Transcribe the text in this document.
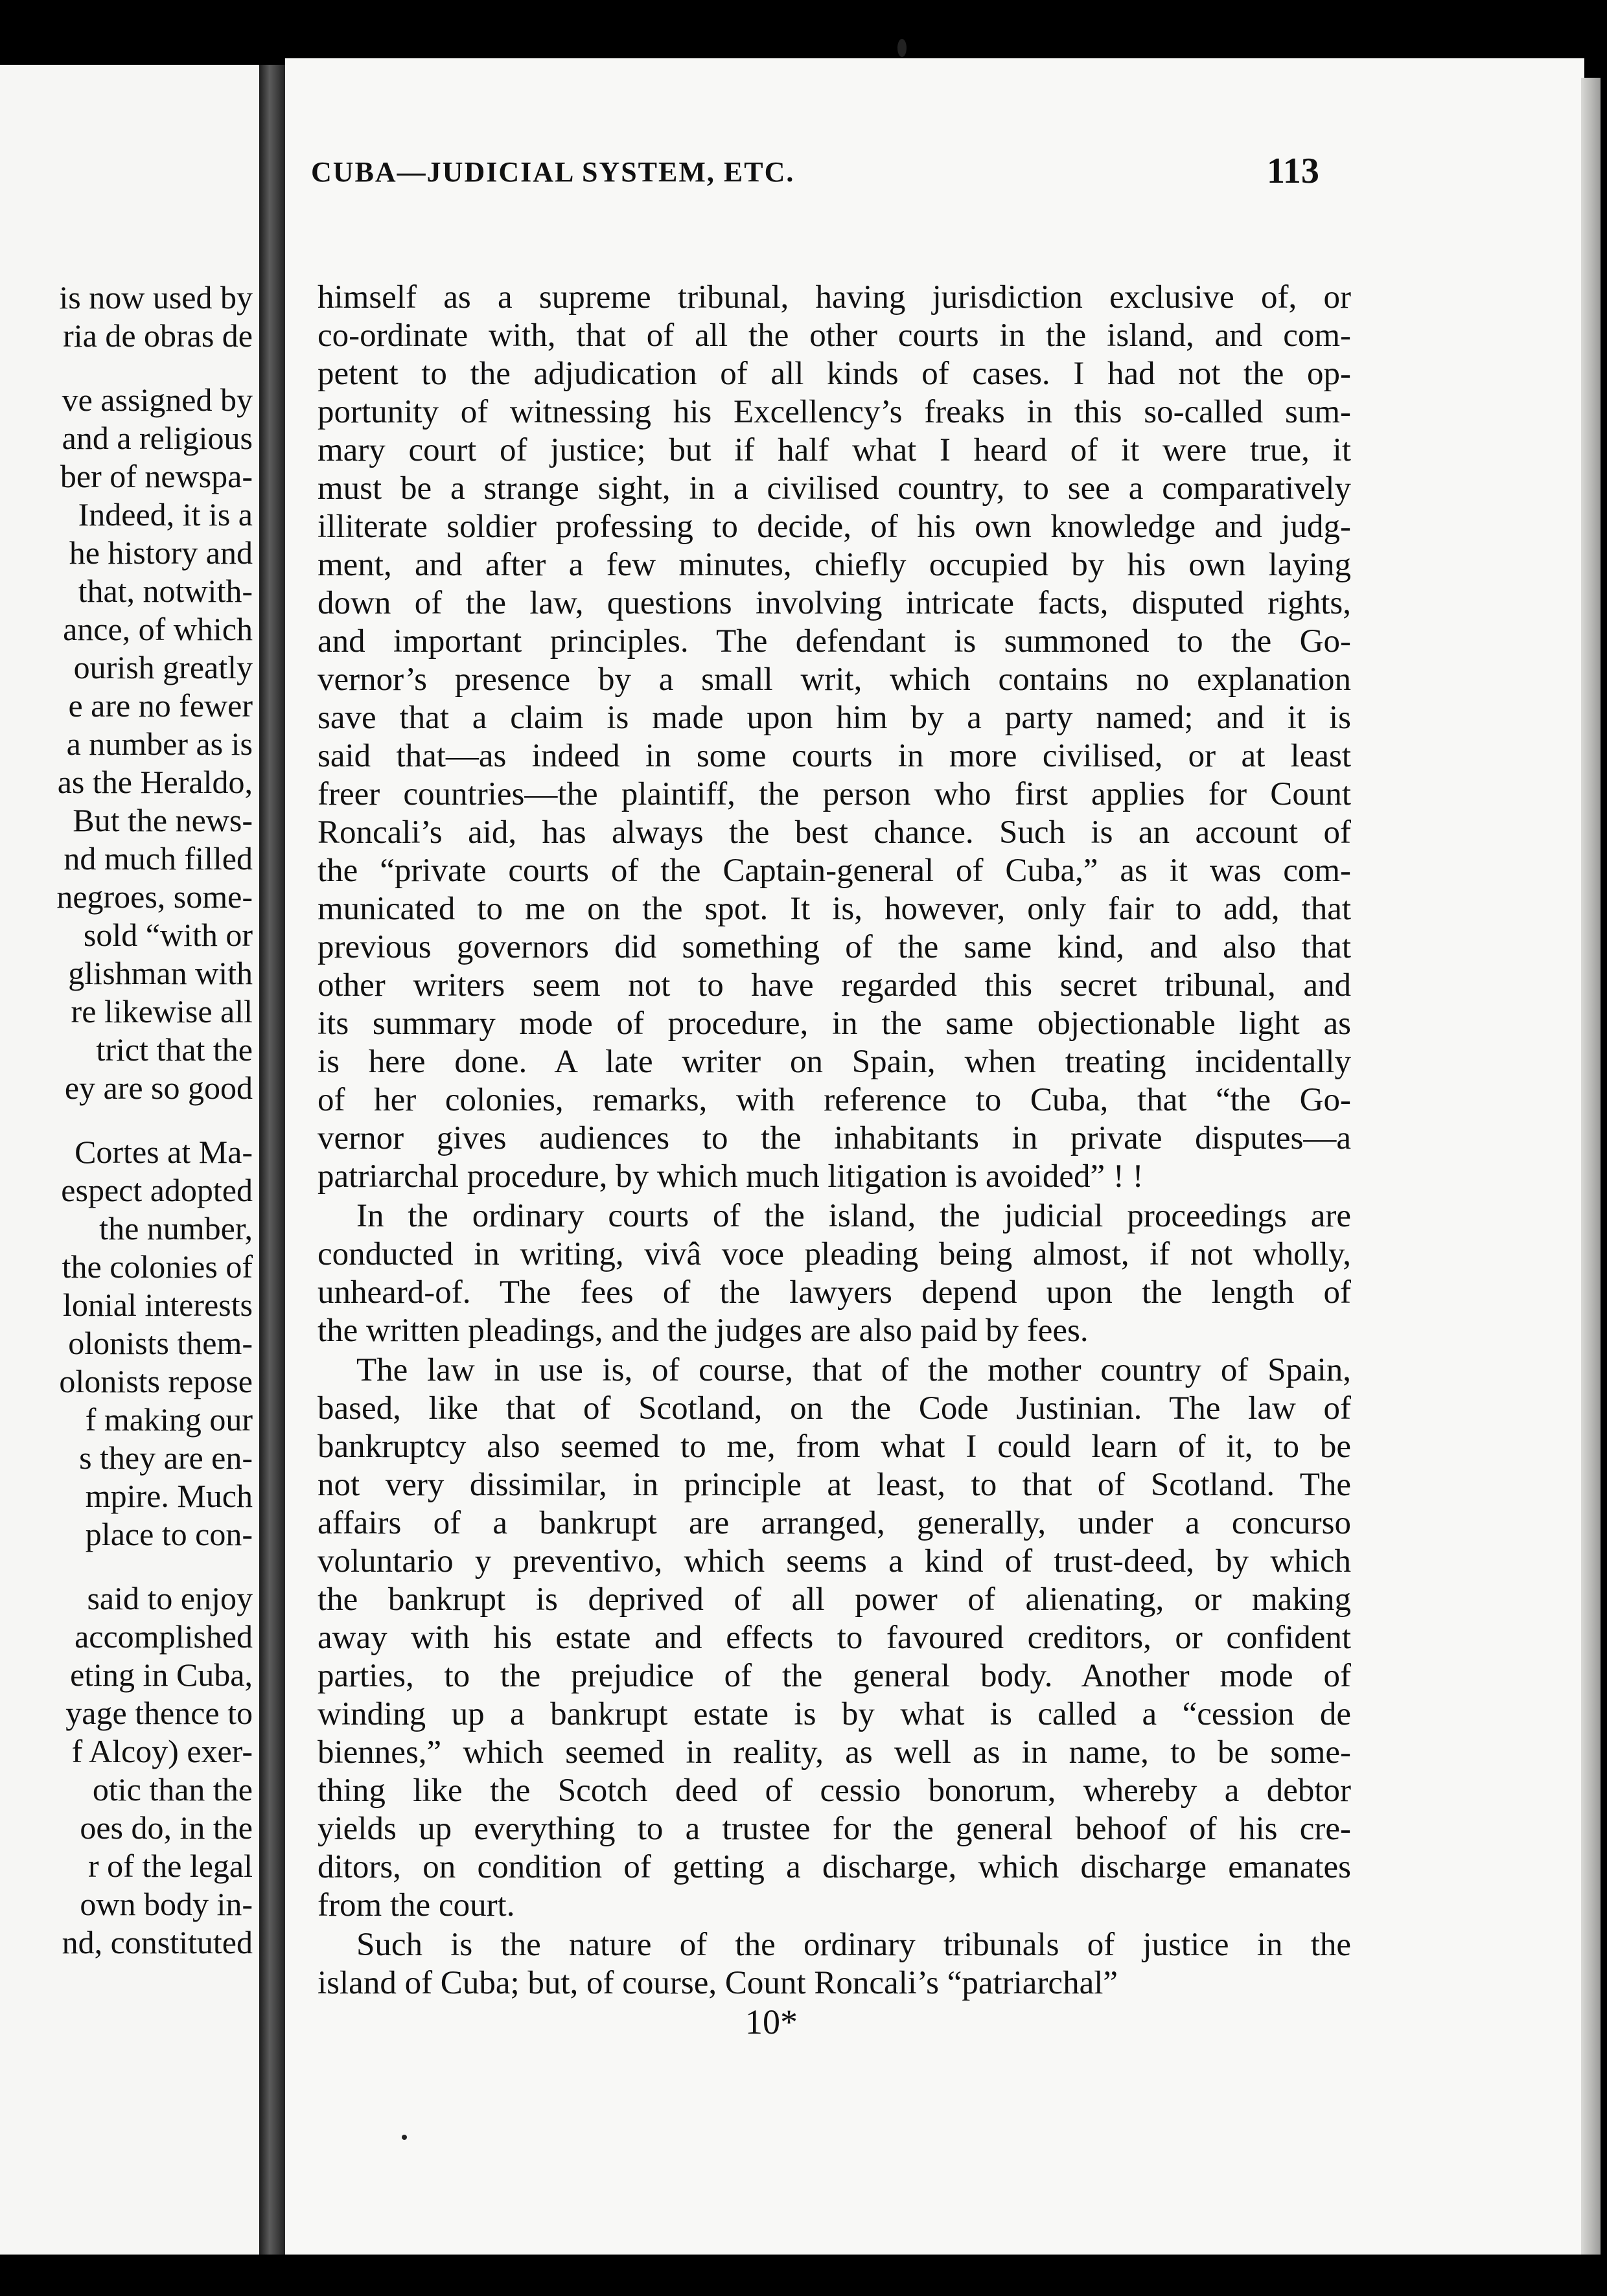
is now used by
ria de obras de
ve assigned by
and a religious
ber of newspa-
Indeed, it is a
he history and
that, notwith-
ance, of which
ourish greatly
e are no fewer
a number as is
as the Heraldo,
But the news-
nd much filled
negroes, some-
sold “with or
glishman with
re likewise all
trict that the
ey are so good
Cortes at Ma-
espect adopted
the number,
the colonies of
lonial interests
olonists them-
olonists repose
f making our
s they are en-
mpire. Much
place to con-
said to enjoy
accomplished
eting in Cuba,
yage thence to
f Alcoy) exer-
otic than the
oes do, in the
r of the legal
own body in-
nd, constituted
CUBA—JUDICIAL SYSTEM, ETC.	113
himself as a supreme tribunal, having jurisdiction exclusive of, or
co-ordinate with, that of all the other courts in the island, and com-
petent to the adjudication of all kinds of cases. I had not the op-
portunity of witnessing his Excellency’s freaks in this so-called sum-
mary court of justice; but if half what I heard of it were true, it
must be a strange sight, in a civilised country, to see a comparatively
illiterate soldier professing to decide, of his own knowledge and judg-
ment, and after a few minutes, chiefly occupied by his own laying
down of the law, questions involving intricate facts, disputed rights,
and important principles. The defendant is summoned to the Go-
vernor’s presence by a small writ, which contains no explanation
save that a claim is made upon him by a party named; and it is
said that—as indeed in some courts in more civilised, or at least
freer countries—the plaintiff, the person who first applies for Count
Roncali’s aid, has always the best chance. Such is an account of
the “private courts of the Captain-general of Cuba,” as it was com-
municated to me on the spot. It is, however, only fair to add, that
previous governors did something of the same kind, and also that
other writers seem not to have regarded this secret tribunal, and
its summary mode of procedure, in the same objectionable light as
is here done. A late writer on Spain, when treating incidentally
of her colonies, remarks, with reference to Cuba, that “the Go-
vernor gives audiences to the inhabitants in private disputes—a
patriarchal procedure, by which much litigation is avoided” ! !
In the ordinary courts of the island, the judicial proceedings are
conducted in writing, vivâ voce pleading being almost, if not wholly,
unheard-of. The fees of the lawyers depend upon the length of
the written pleadings, and the judges are also paid by fees.
The law in use is, of course, that of the mother country of Spain,
based, like that of Scotland, on the Code Justinian. The law of
bankruptcy also seemed to me, from what I could learn of it, to be
not very dissimilar, in principle at least, to that of Scotland. The
affairs of a bankrupt are arranged, generally, under a concurso
voluntario y preventivo, which seems a kind of trust-deed, by which
the bankrupt is deprived of all power of alienating, or making
away with his estate and effects to favoured creditors, or confident
parties, to the prejudice of the general body. Another mode of
winding up a bankrupt estate is by what is called a “cession de
biennes,” which seemed in reality, as well as in name, to be some-
thing like the Scotch deed of cessio bonorum, whereby a debtor
yields up everything to a trustee for the general behoof of his cre-
ditors, on condition of getting a discharge, which discharge emanates
from the court.
Such is the nature of the ordinary tribunals of justice in the
island of Cuba; but, of course, Count Roncali’s “patriarchal”
10*
